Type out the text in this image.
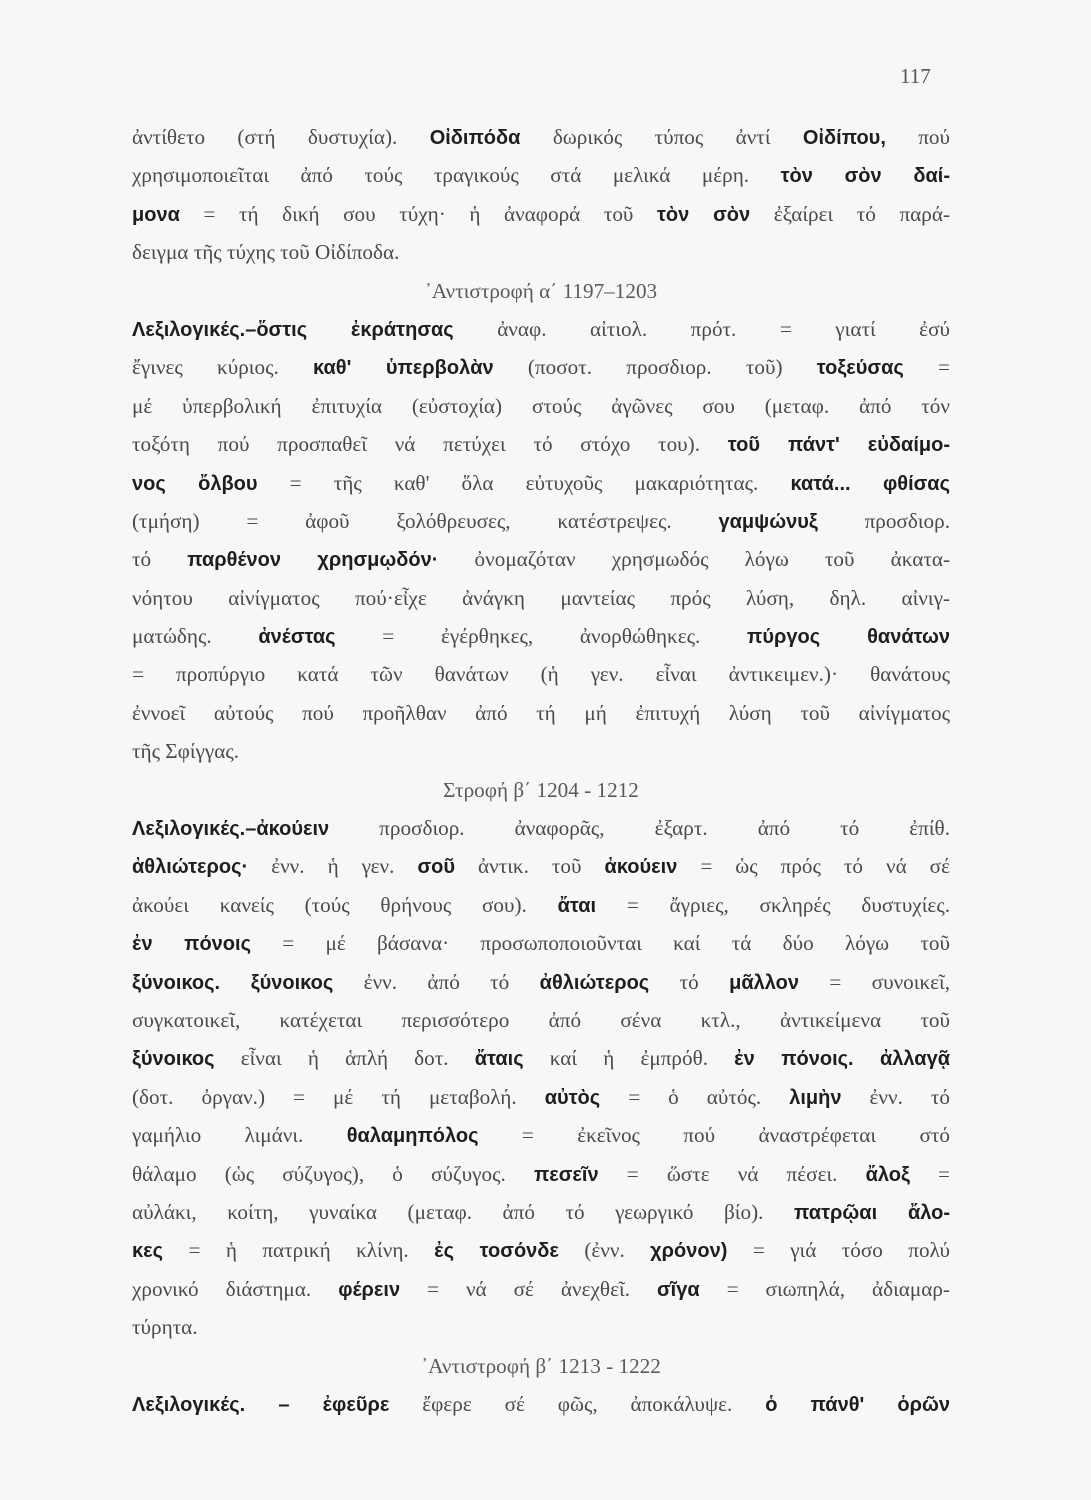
117
ἀντίθετο (στή δυστυχία). Οἰδιπόδα δωρικός τύπος ἀντί Οἰδίπου, πού
χρησιμοποιεῖται ἀπό τούς τραγικούς στά μελικά μέρη. τὸν σὸν δαί-
μονα = τή δική σου τύχη· ἡ ἀναφορά τοῦ τὸν σὸν ἐξαίρει τό παρά-
δειγμα τῆς τύχης τοῦ Οἰδίποδα.
᾿Αντιστροφή α΄ 1197–1203
Λεξιλογικές.–ὅστις ἐκράτησας ἀναφ. αἰτιολ. πρότ. = γιατί ἐσύ
ἔγινες κύριος. καθ' ὑπερβολὰν (ποσοτ. προσδιορ. τοῦ) τοξεύσας =
μέ ὑπερβολική ἐπιτυχία (εὐστοχία) στούς ἀγῶνες σου (μεταφ. ἀπό τόν
τοξότη πού προσπαθεῖ νά πετύχει τό στόχο του). τοῦ πάντ' εὐδαίμο-
νος ὄλβου = τῆς καθ' ὅλα εὐτυχοῦς μακαριότητας. κατά... φθίσας
(τμήση) = ἀφοῦ ξολόθρευσες, κατέστρεψες. γαμψώνυξ προσδιορ.
τό παρθένον χρησμῳδόν· ὀνομαζόταν χρησμωδός λόγω τοῦ ἀκατα-
νόητου αἰνίγματος πού·εἶχε ἀνάγκη μαντείας πρός λύση, δηλ. αἰνιγ-
ματώδης. ἀνέστας = ἐγέρθηκες, ἀνορθώθηκες. πύργος θανάτων
= προπύργιο κατά τῶν θανάτων (ἡ γεν. εἶναι ἀντικειμεν.)· θανάτους
ἐννοεῖ αὐτούς πού προῆλθαν ἀπό τή μή ἐπιτυχή λύση τοῦ αἰνίγματος
τῆς Σφίγγας.
Στροφή β΄ 1204 - 1212
Λεξιλογικές.–ἀκούειν προσδιορ. ἀναφορᾶς, ἐξαρτ. ἀπό τό ἐπίθ.
ἀθλιώτερος· ἐνν. ἡ γεν. σοῦ ἀντικ. τοῦ ἀκούειν = ὡς πρός τό νά σέ
ἀκούει κανείς (τούς θρήνους σου). ἄται = ἄγριες, σκληρές δυστυχίες.
ἐν πόνοις = μέ βάσανα· προσωποποιοῦνται καί τά δύο λόγω τοῦ
ξύνοικος. ξύνοικος ἐνν. ἀπό τό ἀθλιώτερος τό μᾶλλον = συνοικεῖ,
συγκατοικεῖ, κατέχεται περισσότερο ἀπό σένα κτλ., ἀντικείμενα τοῦ
ξύνοικος εἶναι ἡ ἁπλή δοτ. ἄταις καί ἡ ἐμπρόθ. ἐν πόνοις. ἀλλαγᾷ
(δοτ. ὀργαν.) = μέ τή μεταβολή. αὐτὸς = ὁ αὐτός. λιμὴν ἐνν. τό
γαμήλιο λιμάνι. θαλαμηπόλος = ἐκεῖνος πού ἀναστρέφεται στό
θάλαμο (ὡς σύζυγος), ὁ σύζυγος. πεσεῖν = ὥστε νά πέσει. ἄλοξ =
αὐλάκι, κοίτη, γυναίκα (μεταφ. ἀπό τό γεωργικό βίο). πατρῷαι ἄλο-
κες = ἡ πατρική κλίνη. ἐς τοσόνδε (ἐνν. χρόνον) = γιά τόσο πολύ
χρονικό διάστημα. φέρειν = νά σέ ἀνεχθεῖ. σῖγα = σιωπηλά, ἀδιαμαρ-
τύρητα.
᾿Αντιστροφή β΄ 1213 - 1222
Λεξιλογικές. – ἐφεῦρε ἔφερε σέ φῶς, ἀποκάλυψε. ὁ πάνθ' ὁρῶν
